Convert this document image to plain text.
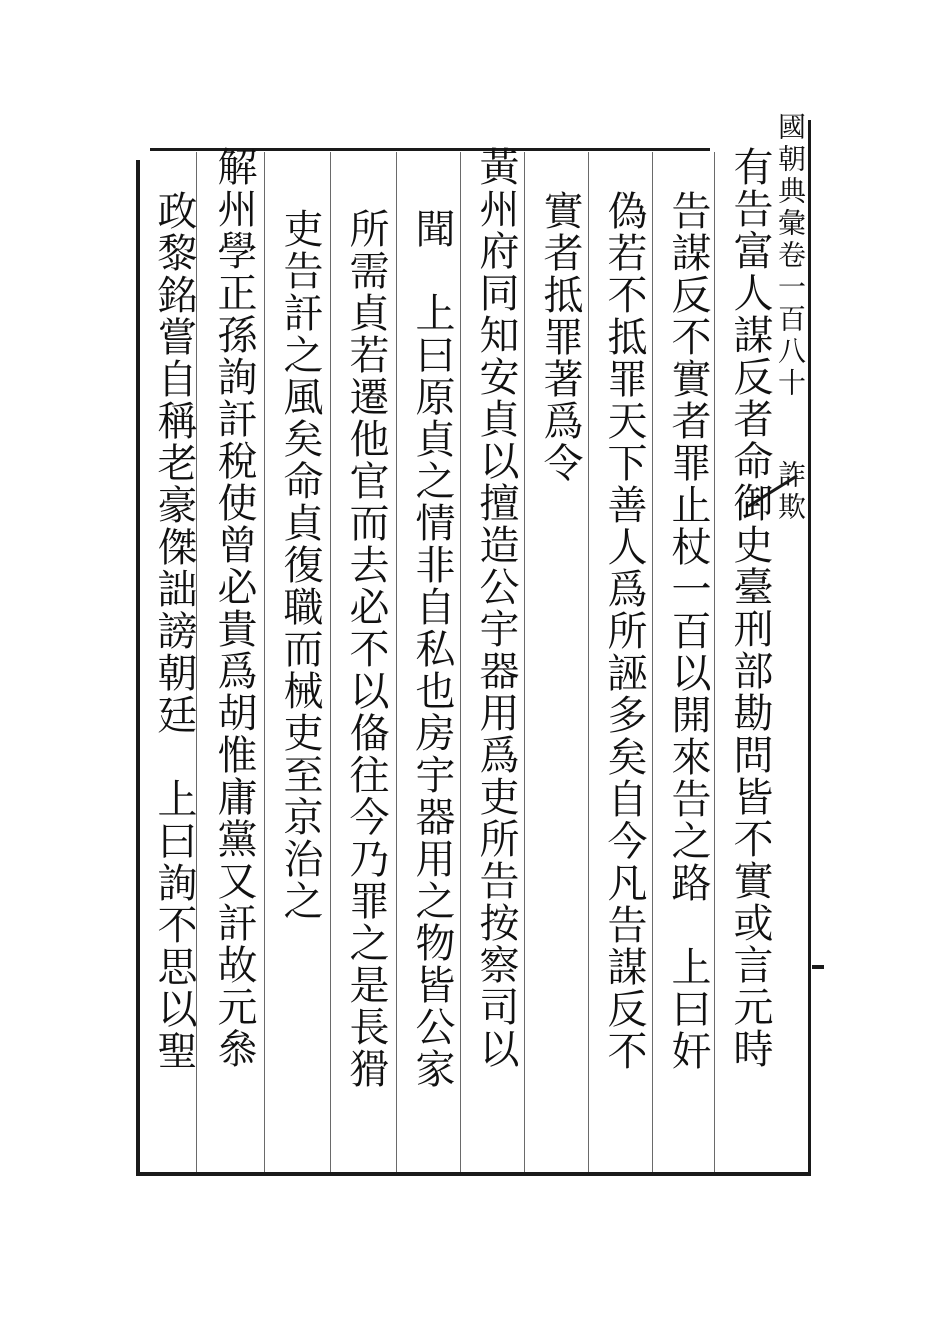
國朝典彙卷一百八十詐欺
有告富人謀反者命御史臺刑部勘問皆不實或言元時
告謀反不實者罪止杖一百以開來告之路　上曰奸
偽若不抵罪天下善人爲所誣多矣自今凡告謀反不
實者抵罪著爲令
黃州府同知安貞以擅造公宇器用爲吏所告按察司以
聞　上曰原貞之情非自私也房宇器用之物皆公家
所需貞若遷他官而去必不以俻往今乃罪之是長猾
吏告訐之風矣命貞復職而械吏至京治之
解州學正孫詢訐稅使曾必貴爲胡惟庸黨又訐故元叅
政黎銘嘗自稱老豪傑詘謗朝廷　上曰詢不思以聖
